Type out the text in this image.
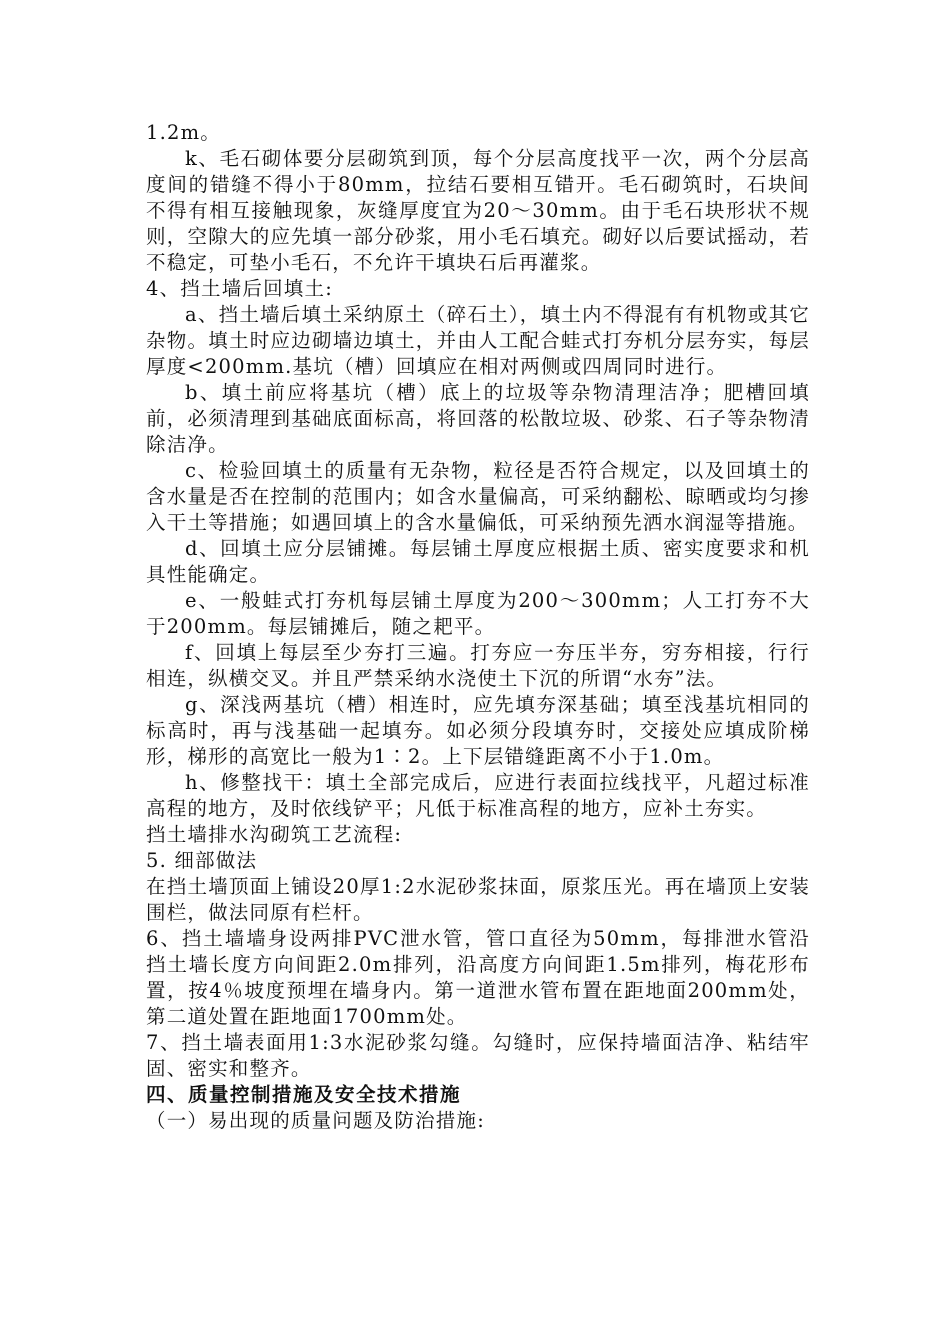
1.2m。

k、毛石砌体要分层砌筑到顶，每个分层高度找平一次，两个分层高度间的错缝不得小于80mm，拉结石要相互错开。毛石砌筑时，石块间不得有相互接触现象，灰缝厚度宜为20～30mm。由于毛石块形状不规则，空隙大的应先填一部分砂浆，用小毛石填充。砌好以后要试摇动，若不稳定，可垫小毛石，不允许干填块石后再灌浆。

4、挡土墙后回填土:

a、挡土墙后填土采纳原土（碎石土），填土内不得混有有机物或其它杂物。填土时应边砌墙边填土，并由人工配合蛙式打夯机分层夯实，每层厚度<200mm.基坑（槽）回填应在相对两侧或四周同时进行。

b、填土前应将基坑（槽）底上的垃圾等杂物清理洁净；肥槽回填前，必须清理到基础底面标高，将回落的松散垃圾、砂浆、石子等杂物清除洁净。

c、检验回填土的质量有无杂物，粒径是否符合规定，以及回填土的含水量是否在控制的范围内；如含水量偏高，可采纳翻松、晾晒或均匀掺入干土等措施；如遇回填上的含水量偏低，可采纳预先洒水润湿等措施。

d、回填土应分层铺摊。每层铺土厚度应根据土质、密实度要求和机具性能确定。

e、一般蛙式打夯机每层铺土厚度为200～300mm；人工打夯不大于200mm。每层铺摊后，随之耙平。

f、回填上每层至少夯打三遍。打夯应一夯压半夯，穷夯相接，行行相连，纵横交叉。并且严禁采纳水浇使土下沉的所谓“水夯”法。

g、深浅两基坑（槽）相连时，应先填夯深基础；填至浅基坑相同的标高时，再与浅基础一起填夯。如必须分段填夯时，交接处应填成阶梯形，梯形的高宽比一般为1∶2。上下层错缝距离不小于1.0m。

h、修整找干：填土全部完成后，应进行表面拉线找平，凡超过标准高程的地方，及时依线铲平；凡低于标准高程的地方，应补土夯实。

挡土墙排水沟砌筑工艺流程:

5. 细部做法

在挡土墙顶面上铺设20厚1:2水泥砂浆抹面，原浆压光。再在墙顶上安装围栏，做法同原有栏杆。

6、挡土墙墙身设两排PVC泄水管，管口直径为50mm，每排泄水管沿挡土墙长度方向间距2.0m排列，沿高度方向间距1.5m排列，梅花形布置，按4％坡度预埋在墙身内。第一道泄水管布置在距地面200mm处，第二道处置在距地面1700mm处。

7、挡土墙表面用1:3水泥砂浆勾缝。勾缝时，应保持墙面洁净、粘结牢固、密实和整齐。

四、质量控制措施及安全技术措施

（一）易出现的质量问题及防治措施:
